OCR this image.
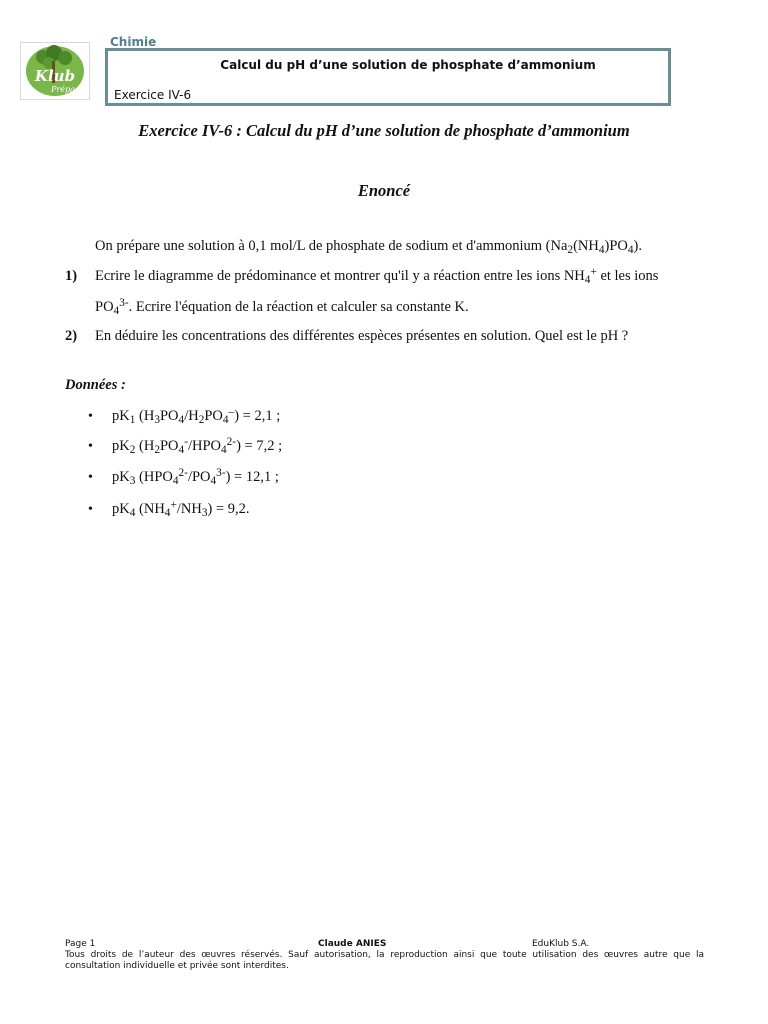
Klub
Prépa
Chimie
Calcul du pH d’une solution de phosphate d’ammonium
Exercice IV-6
Exercice IV-6 : Calcul du pH d’une solution de phosphate d’ammonium
Enoncé
On prépare une solution à 0,1 mol/L de phosphate de sodium et d'ammonium $(Na_2(NH_4)PO_4)$.
1) Ecrire le diagramme de prédominance et montrer qu'il y a réaction entre les ions $NH_4^+$ et les ions
$PO_4^{3-}$. Ecrire l'équation de la réaction et calculer sa constante K.
2) En déduire les concentrations des différentes espèces présentes en solution. Quel est le pH ?
Données :
• $pK_1$ $(H_3PO_4/H_2PO_4^-) = 2,1$ ;
• $pK_2$ $(H_2PO_4^-/HPO_4^{2-}) = 7,2$ ;
• $pK_3$ $(HPO_4^{2-}/PO_4^{3-}) = 12,1$ ;
• $pK_4$ $(NH_4^+/NH_3) = 9,2$.
Page 1	Claude ANIES	EduKlub S.A.
Tous droits de l’auteur des œuvres réservés. Sauf autorisation, la reproduction ainsi que toute utilisation des œuvres autre que la consultation individuelle et privée sont interdites.
